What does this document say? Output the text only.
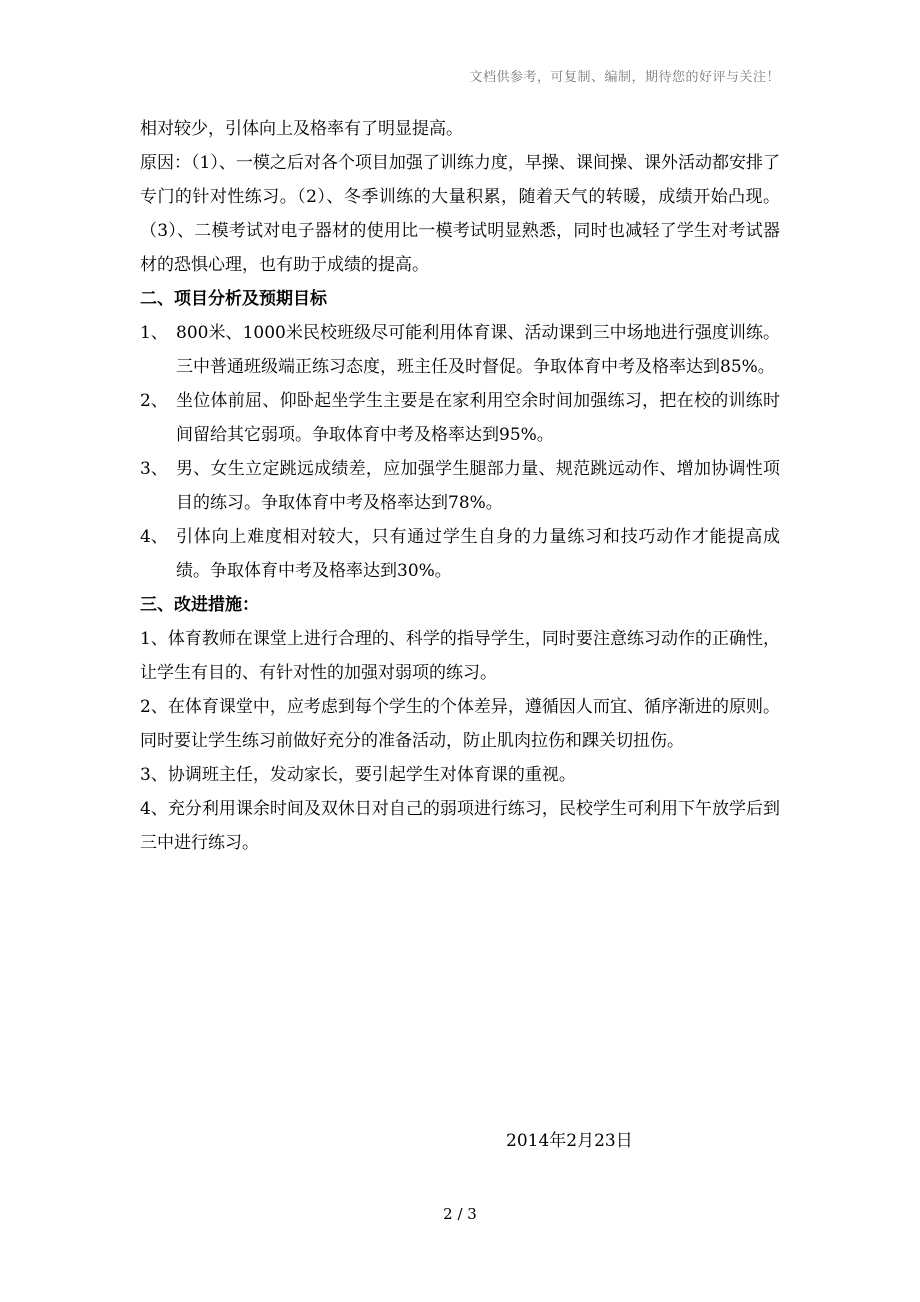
文档供参考，可复制、编制，期待您的好评与关注！

相对较少，引体向上及格率有了明显提高。

原因：（1）、一模之后对各个项目加强了训练力度，早操、课间操、课外活动都安排了专门的针对性练习。（2）、冬季训练的大量积累，随着天气的转暖，成绩开始凸现。（3）、二模考试对电子器材的使用比一模考试明显熟悉，同时也减轻了学生对考试器材的恐惧心理，也有助于成绩的提高。

二、项目分析及预期目标

1、 800米、1000米民校班级尽可能利用体育课、活动课到三中场地进行强度训练。三中普通班级端正练习态度，班主任及时督促。争取体育中考及格率达到85%。
2、 坐位体前屈、仰卧起坐学生主要是在家利用空余时间加强练习，把在校的训练时间留给其它弱项。争取体育中考及格率达到95%。
3、 男、女生立定跳远成绩差，应加强学生腿部力量、规范跳远动作、增加协调性项目的练习。争取体育中考及格率达到78%。
4、 引体向上难度相对较大，只有通过学生自身的力量练习和技巧动作才能提高成绩。争取体育中考及格率达到30%。

三、改进措施：

1、体育教师在课堂上进行合理的、科学的指导学生，同时要注意练习动作的正确性，让学生有目的、有针对性的加强对弱项的练习。

2、在体育课堂中，应考虑到每个学生的个体差异，遵循因人而宜、循序渐进的原则。同时要让学生练习前做好充分的准备活动，防止肌肉拉伤和踝关切扭伤。

3、协调班主任，发动家长，要引起学生对体育课的重视。

4、充分利用课余时间及双休日对自己的弱项进行练习，民校学生可利用下午放学后到三中进行练习。

2014年2月23日
2 / 3
